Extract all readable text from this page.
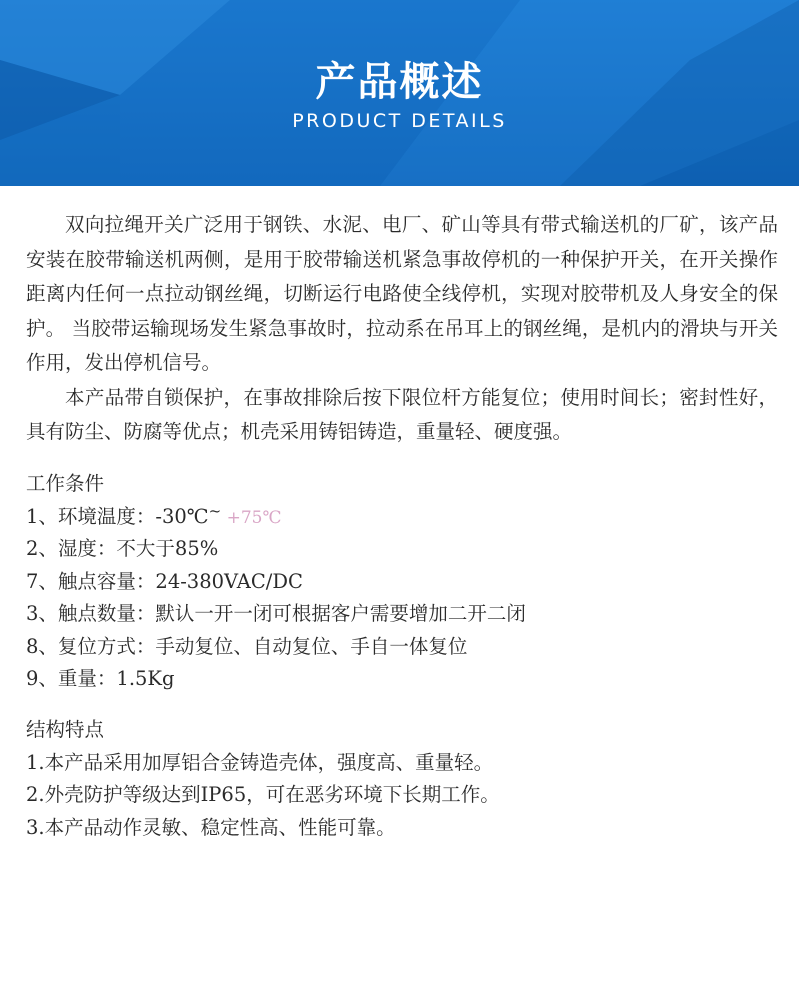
产品概述
PRODUCT DETAILS

双向拉绳开关广泛用于钢铁、水泥、电厂、矿山等具有带式输送机的厂矿，该产品安装在胶带输送机两侧，是用于胶带输送机紧急事故停机的一种保护开关，在开关操作距离内任何一点拉动钢丝绳，切断运行电路使全线停机，实现对胶带机及人身安全的保护。 当胶带运输现场发生紧急事故时，拉动系在吊耳上的钢丝绳，是机内的滑块与开关作用，发出停机信号。

本产品带自锁保护，在事故排除后按下限位杆方能复位；使用时间长；密封性好，具有防尘、防腐等优点；机壳采用铸铝铸造，重量轻、硬度强。

工作条件
1、环境温度：-30℃~ +75℃
2、湿度：不大于85%
7、触点容量：24-380VAC/DC
3、触点数量：默认一开一闭可根据客户需要增加二开二闭
8、复位方式：手动复位、自动复位、手自一体复位
9、重量：1.5Kg
结构特点
1.本产品采用加厚铝合金铸造壳体，强度高、重量轻。
2.外壳防护等级达到IP65，可在恶劣环境下长期工作。
3.本产品动作灵敏、稳定性高、性能可靠。
